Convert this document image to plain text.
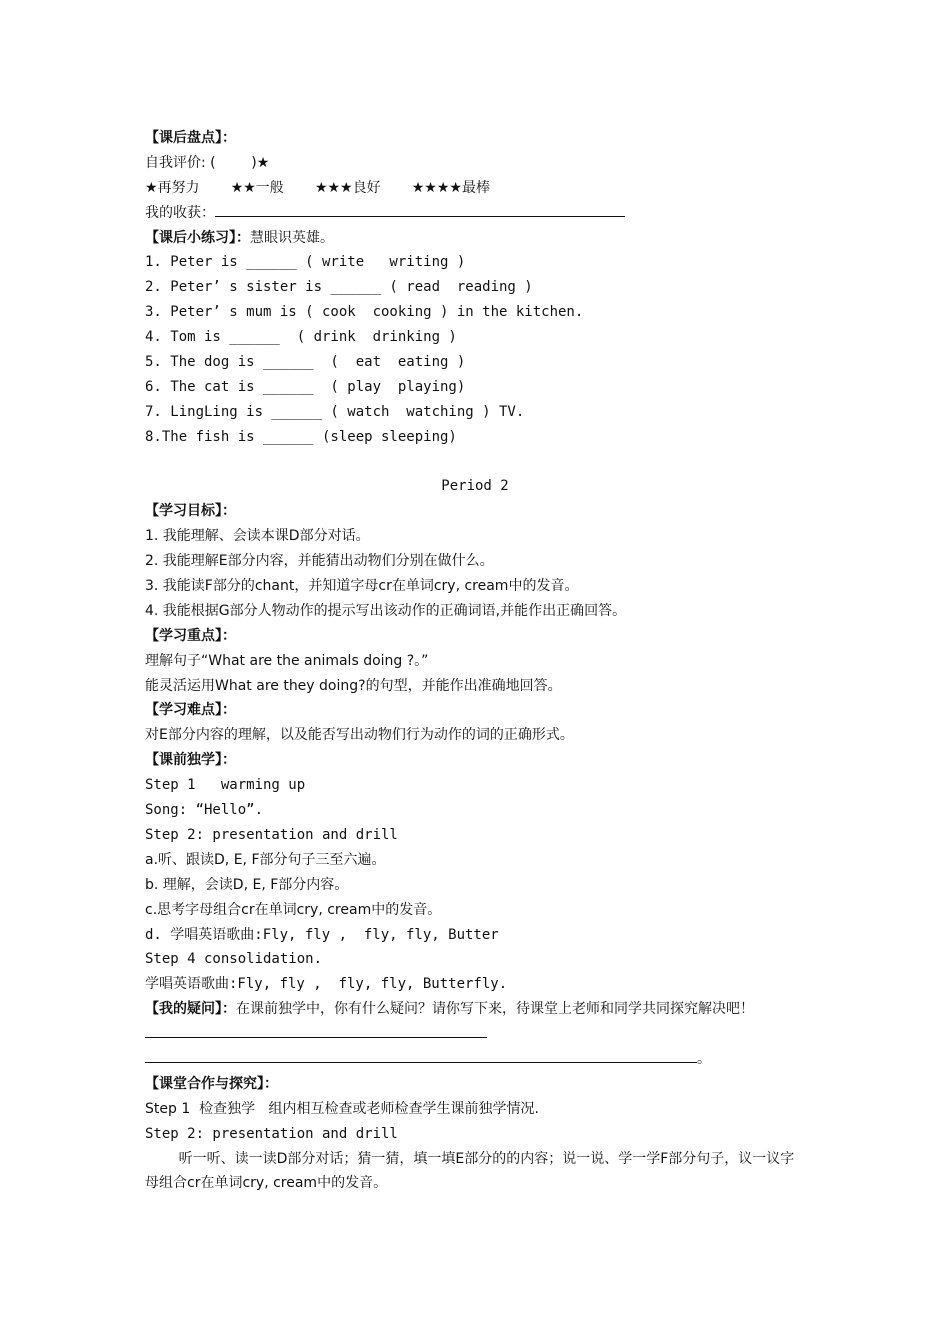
【课后盘点】：
自我评价: (        )★
★再努力       ★★一般       ★★★良好       ★★★★最棒
我的收获：
【课后小练习】：慧眼识英雄。
1. Peter is ______ ( write   writing )
2. Peter’ s sister is ______ ( read  reading )
3. Peter’ s mum is ( cook  cooking ) in the kitchen.
4. Tom is ______  ( drink  drinking )
5. The dog is ______  (  eat  eating )
6. The cat is ______  ( play  playing)
7. LingLing is ______ ( watch  watching ) TV.
8.The fish is ______ (sleep sleeping)
Period 2
【学习目标】：
1. 我能理解、会读本课D部分对话。
2. 我能理解E部分内容，并能猜出动物们分别在做什么。
3. 我能读F部分的chant，并知道字母cr在单词cry, cream中的发音。
4. 我能根据G部分人物动作的提示写出该动作的正确词语,并能作出正确回答。
【学习重点】：
理解句子“What are the animals doing ?。”
能灵活运用What are they doing?的句型，并能作出准确地回答。
【学习难点】：
对E部分内容的理解，以及能否写出动物们行为动作的词的正确形式。
【课前独学】：
Step 1   warming up
Song: “Hello”.
Step 2: presentation and drill
a.听、跟读D, E, F部分句子三至六遍。
b. 理解，会读D, E, F部分内容。
c.思考字母组合cr在单词cry, cream中的发音。
d. 学唱英语歌曲:Fly, fly ,  fly, fly, Butter
Step 4 consolidation.
学唱英语歌曲:Fly, fly ,  fly, fly, Butterfly.
【我的疑问】：在课前独学中，你有什么疑问？请你写下来，待课堂上老师和同学共同探究解决吧！
。
【课堂合作与探究】：
Step 1  检查独学   组内相互检查或老师检查学生课前独学情况.
Step 2: presentation and drill
听一听、读一读D部分对话；猜一猜，填一填E部分的的内容；说一说、学一学F部分句子，议一议字母组合cr在单词cry, cream中的发音。
